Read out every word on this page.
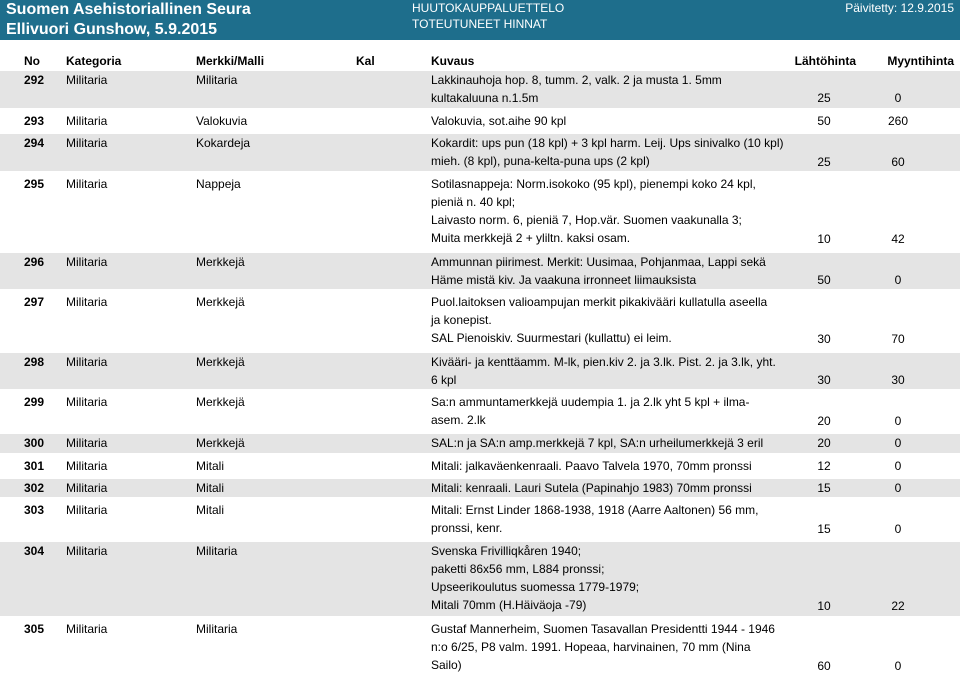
Suomen Asehistoriallinen Seura
Ellivuori Gunshow, 5.9.2015
HUUTOKAUPPALUETTELO
TOTEUTUNEET HINNAT
Päivitetty: 12.9.2015
No Kategoria	Merkki/Malli	Kal	Kuvaus	Lähtöhinta	Myyntihinta
292 Militaria	Militaria	Lakkinauhoja hop. 8, tumm. 2, valk. 2 ja musta 1. 5mm
kultakaluuna n.1.5m	25	0
293 Militaria	Valokuvia	Valokuvia, sot.aihe 90 kpl	50	260
294 Militaria	Kokardeja	Kokardit: ups pun (18 kpl) + 3 kpl harm. Leij. Ups sinivalko (10 kpl)
mieh. (8 kpl), puna-kelta-puna ups (2 kpl)	25	60
295 Militaria	Nappeja	Sotilasnappeja: Norm.isokoko (95 kpl), pienempi koko 24 kpl,
pieniä n. 40 kpl;
Laivasto norm. 6, pieniä 7, Hop.vär. Suomen vaakunalla 3;
Muita merkkejä 2 + yliltn. kaksi osam.	10	42
296 Militaria	Merkkejä	Ammunnan piirimest. Merkit: Uusimaa, Pohjanmaa, Lappi sekä
Häme mistä kiv. Ja vaakuna irronneet liimauksista	50	0
297 Militaria	Merkkejä	Puol.laitoksen valioampujan merkit pikakivääri kullatulla aseella
ja konepist.
SAL Pienoiskiv. Suurmestari (kullattu) ei leim.	30	70
298 Militaria	Merkkejä	Kivääri- ja kenttäamm. M-lk, pien.kiv 2. ja 3.lk. Pist. 2. ja 3.lk, yht.
6 kpl	30	30
299 Militaria	Merkkejä	Sa:n ammuntamerkkejä uudempia 1. ja 2.lk yht 5 kpl + ilma-
asem. 2.lk	20	0
300 Militaria	Merkkejä	SAL:n ja SA:n amp.merkkejä 7 kpl, SA:n urheilumerkkejä 3 eril	20	0
301 Militaria	Mitali	Mitali: jalkaväenkenraali. Paavo Talvela 1970, 70mm pronssi	12	0
302 Militaria	Mitali	Mitali: kenraali. Lauri Sutela (Papinahjo 1983) 70mm pronssi	15	0
303 Militaria	Mitali	Mitali: Ernst Linder 1868-1938, 1918 (Aarre Aaltonen) 56 mm,
pronssi, kenr.	15	0
304 Militaria	Militaria	Svenska Frivilliqkåren 1940;
paketti 86x56 mm, L884 pronssi;
Upseerikoulutus suomessa 1779-1979;
Mitali 70mm (H.Häiväoja -79)	10	22
305 Militaria	Militaria	Gustaf Mannerheim, Suomen Tasavallan Presidentti 1944 - 1946
n:o 6/25, P8 valm. 1991. Hopeaa, harvinainen, 70 mm (Nina
Sailo)	60	0
